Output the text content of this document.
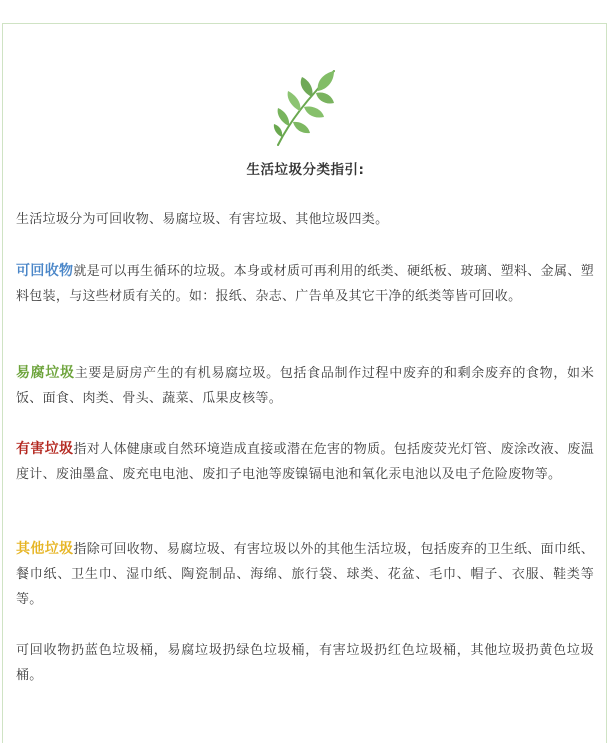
生活垃圾分类指引:

生活垃圾分为可回收物、易腐垃圾、有害垃圾、其他垃圾四类。

可回收物就是可以再生循环的垃圾。本身或材质可再利用的纸类、硬纸板、玻璃、塑料、金属、塑料包装，与这些材质有关的。如：报纸、杂志、广告单及其它干净的纸类等皆可回收。

易腐垃圾主要是厨房产生的有机易腐垃圾。包括食品制作过程中废弃的和剩余废弃的食物，如米饭、面食、肉类、骨头、蔬菜、瓜果皮核等。

有害垃圾指对人体健康或自然环境造成直接或潜在危害的物质。包括废荧光灯管、废涂改液、废温度计、废油墨盒、废充电电池、废扣子电池等废镍镉电池和氧化汞电池以及电子危险废物等。

其他垃圾指除可回收物、易腐垃圾、有害垃圾以外的其他生活垃圾，包括废弃的卫生纸、面巾纸、餐巾纸、卫生巾、湿巾纸、陶瓷制品、海绵、旅行袋、球类、花盆、毛巾、帽子、衣服、鞋类等等。

可回收物扔蓝色垃圾桶，易腐垃圾扔绿色垃圾桶，有害垃圾扔红色垃圾桶，其他垃圾扔黄色垃圾桶。
